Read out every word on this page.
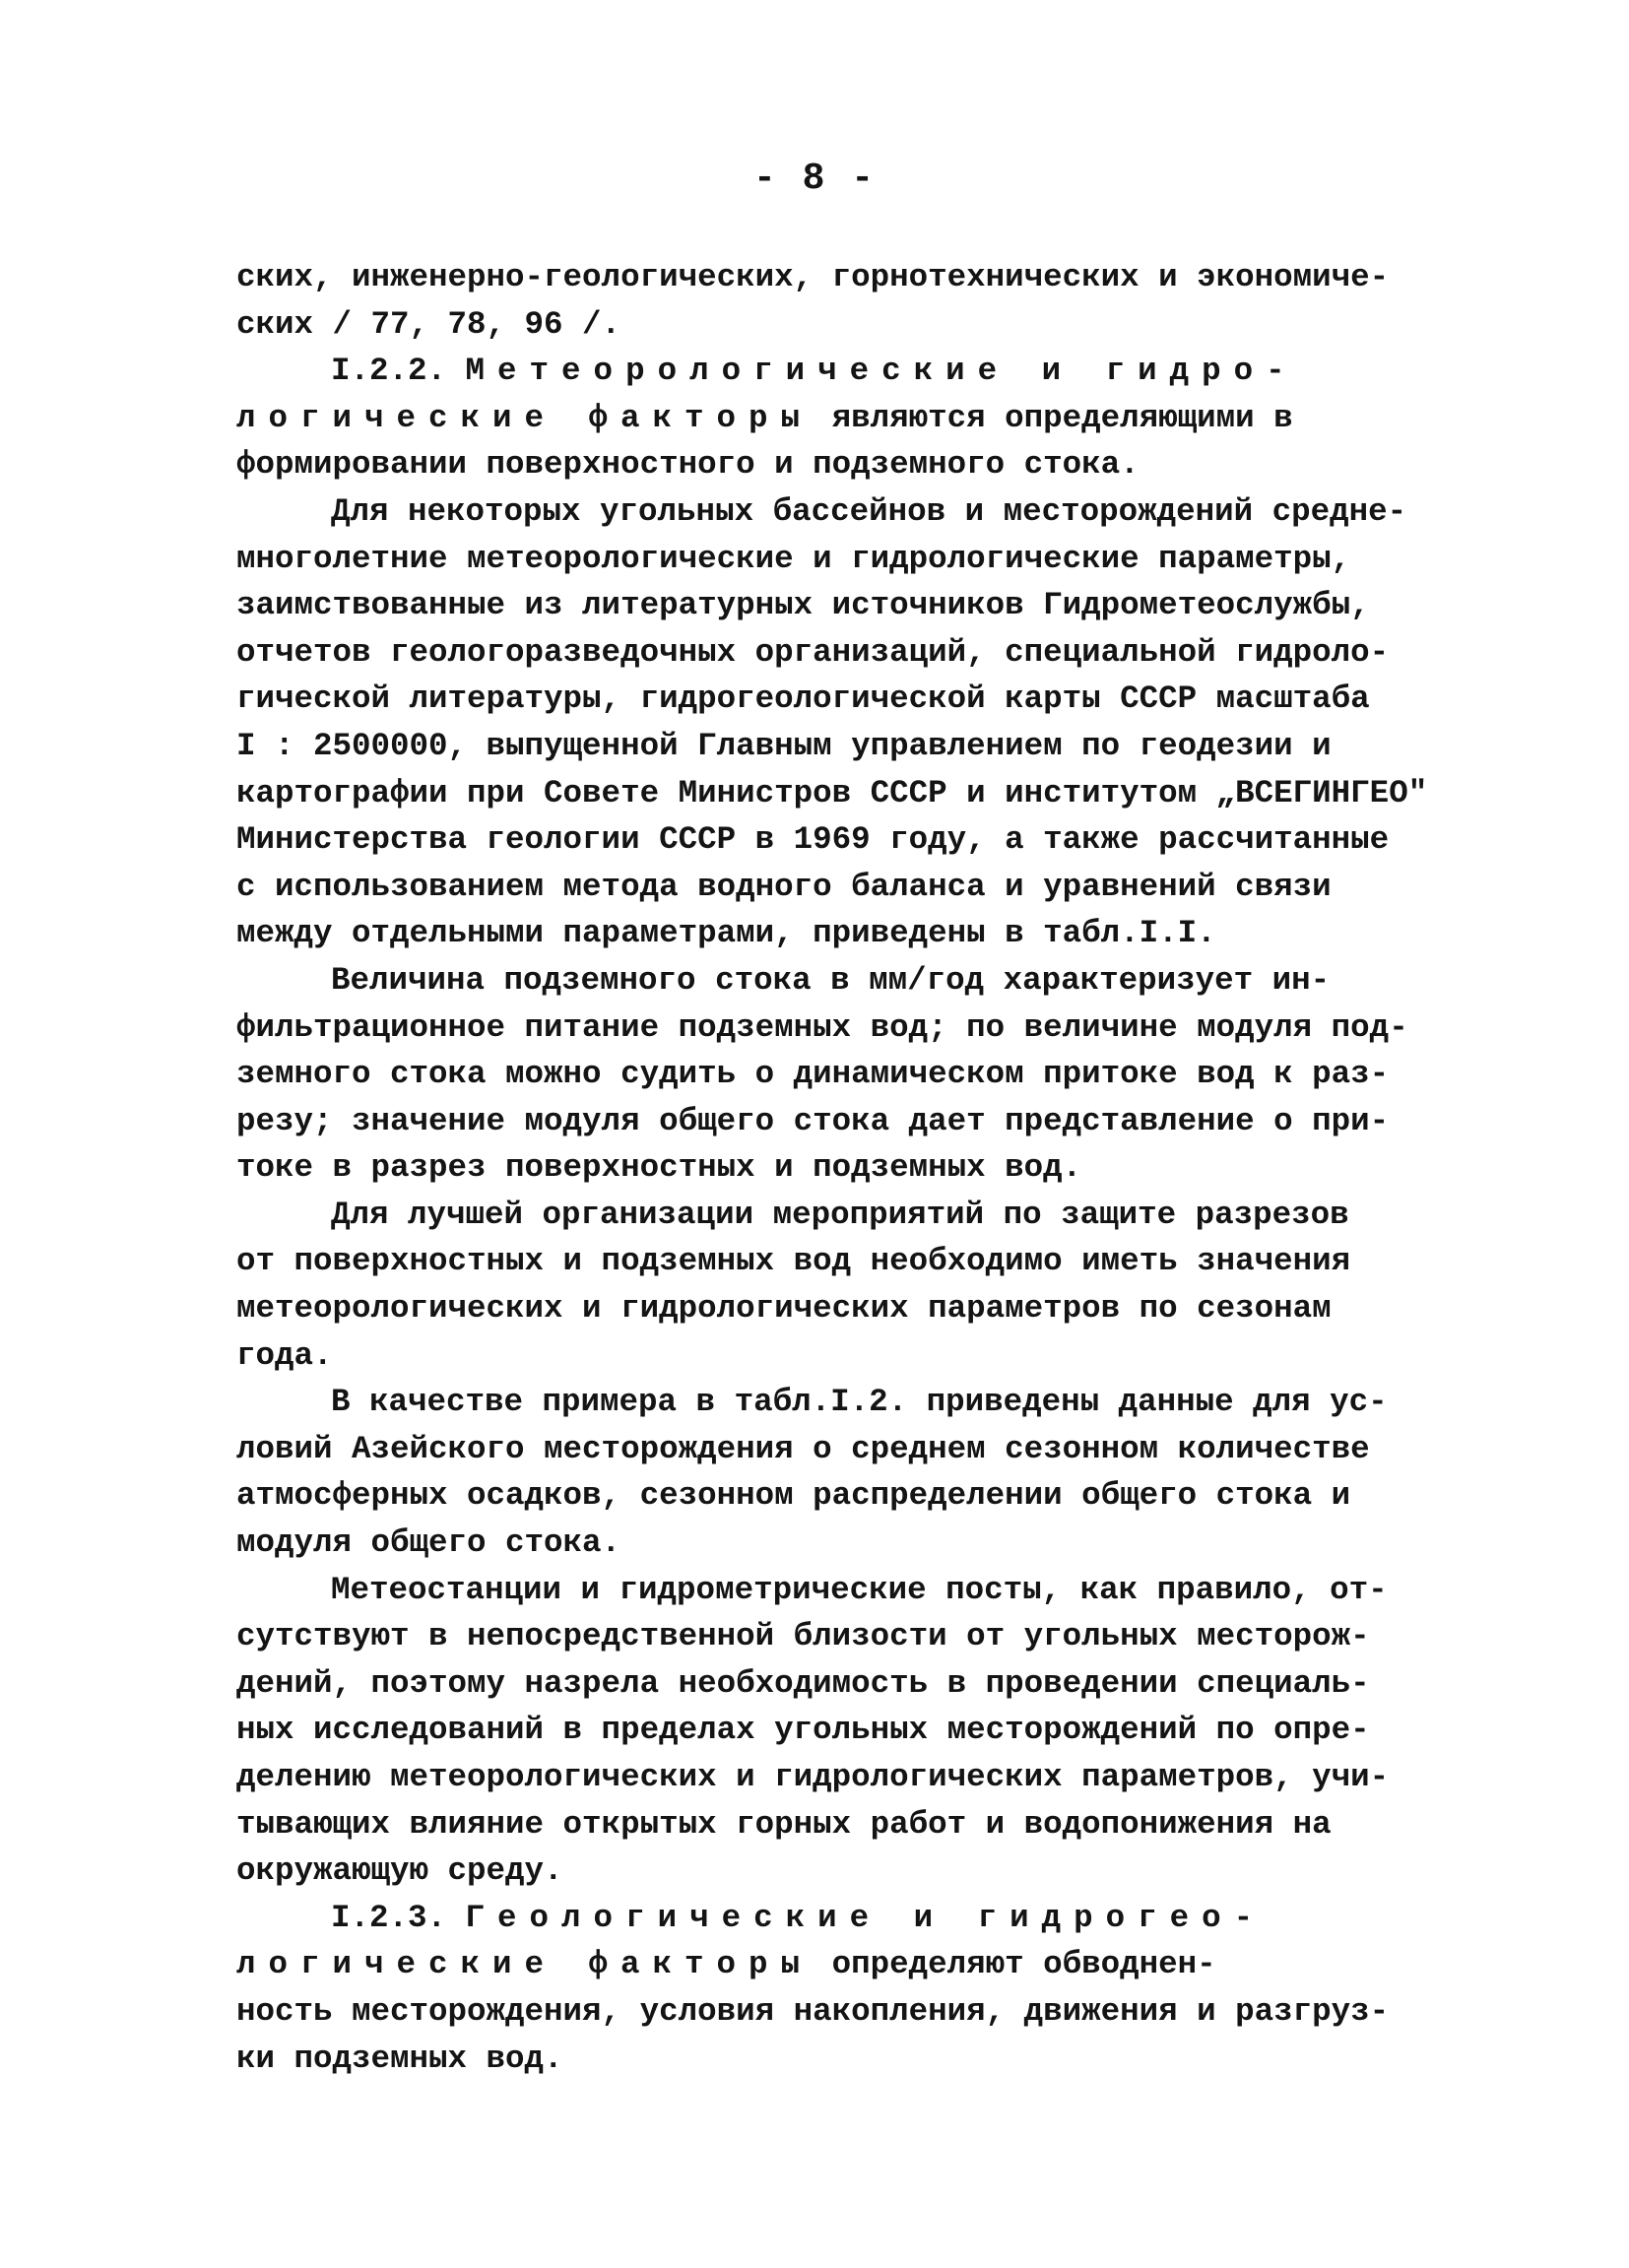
- 8 -
ских, инженерно-геологических, горнотехнических и экономиче-
ских / 77, 78, 96 /.
I.2.2. Метеорологические и гидро-
логические факторы являются определяющими в
формировании поверхностного и подземного стока.
Для некоторых угольных бассейнов и месторождений средне-
многолетние метеорологические и гидрологические параметры,
заимствованные из литературных источников Гидрометеослужбы,
отчетов геологоразведочных организаций, специальной гидроло-
гической литературы, гидрогеологической карты СССР масштаба
I : 2500000, выпущенной Главным управлением по геодезии и
картографии при Совете Министров СССР и институтом „ВСЕГИНГЕО"
Министерства геологии СССР в 1969 году, а также рассчитанные
с использованием метода водного баланса и уравнений связи
между отдельными параметрами, приведены в табл.I.I.
Величина подземного стока в мм/год характеризует ин-
фильтрационное питание подземных вод; по величине модуля под-
земного стока можно судить о динамическом притоке вод к раз-
резу; значение модуля общего стока дает представление о при-
токе в разрез поверхностных и подземных вод.
Для лучшей организации мероприятий по защите разрезов
от поверхностных и подземных вод необходимо иметь значения
метеорологических и гидрологических параметров по сезонам
года.
В качестве примера в табл.I.2. приведены данные для ус-
ловий Азейского месторождения о среднем сезонном количестве
атмосферных осадков, сезонном распределении общего стока и
модуля общего стока.
Метеостанции и гидрометрические посты, как правило, от-
сутствуют в непосредственной близости от угольных месторож-
дений, поэтому назрела необходимость в проведении специаль-
ных исследований в пределах угольных месторождений по опре-
делению метеорологических и гидрологических параметров, учи-
тывающих влияние открытых горных работ и водопонижения на
окружающую среду.
I.2.3. Геологические и гидрогео-
логические факторы определяют обводнен-
ность месторождения, условия накопления, движения и разгруз-
ки подземных вод.
